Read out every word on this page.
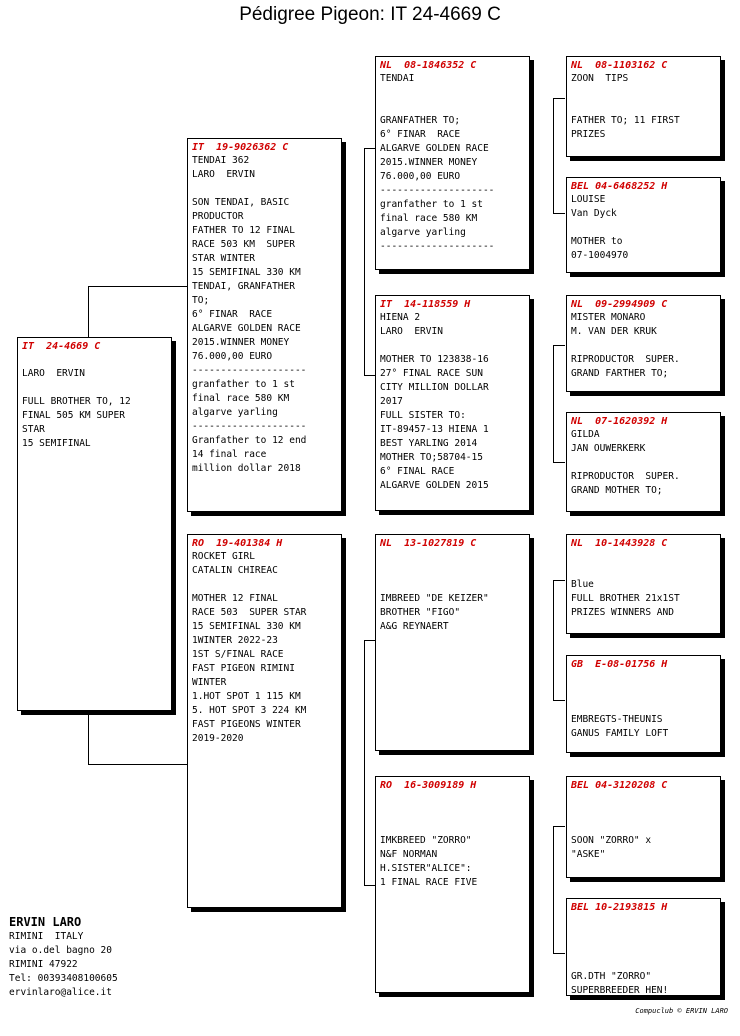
Pédigree Pigeon: IT 24-4669 C
IT  24-4669 C
LARO  ERVIN
FULL BROTHER TO, 12
FINAL 505 KM SUPER
STAR
15 SEMIFINAL
IT  19-9026362 C
TENDAI 362
LARO  ERVIN
SON TENDAI, BASIC
PRODUCTOR
FATHER TO 12 FINAL
RACE 503 KM  SUPER
STAR WINTER
15 SEMIFINAL 330 KM
TENDAI, GRANFATHER
TO;
6° FINAR  RACE
ALGARVE GOLDEN RACE
2015.WINNER MONEY
76.000,00 EURO
--------------------
granfather to 1 st
final race 580 KM
algarve yarling
--------------------
Granfather to 12 end
14 final race
million dollar 2018
RO  19-401384 H
ROCKET GIRL
CATALIN CHIREAC
MOTHER 12 FINAL
RACE 503  SUPER STAR
15 SEMIFINAL 330 KM
1WINTER 2022-23
1ST S/FINAL RACE
FAST PIGEON RIMINI
WINTER
1.HOT SPOT 1 115 KM
5. HOT SPOT 3 224 KM
FAST PIGEONS WINTER
2019-2020
NL  08-1846352 C
TENDAI
GRANFATHER TO;
6° FINAR  RACE
ALGARVE GOLDEN RACE
2015.WINNER MONEY
76.000,00 EURO
--------------------
granfather to 1 st
final race 580 KM
algarve yarling
--------------------
IT  14-118559 H
HIENA 2
LARO  ERVIN
MOTHER TO 123838-16
27° FINAL RACE SUN
CITY MILLION DOLLAR
2017
FULL SISTER TO:
IT-89457-13 HIENA 1
BEST YARLING 2014
MOTHER TO;58704-15
6° FINAL RACE
ALGARVE GOLDEN 2015
NL  13-1027819 C
IMBREED "DE KEIZER"
BROTHER "FIGO"
A&G REYNAERT
RO  16-3009189 H
IMKBREED "ZORRO"
N&F NORMAN
H.SISTER"ALICE":
1 FINAL RACE FIVE
NL  08-1103162 C
ZOON  TIPS
FATHER TO; 11 FIRST
PRIZES
BEL 04-6468252 H
LOUISE
Van Dyck
MOTHER to
07-1004970
NL  09-2994909 C
MISTER MONARO
M. VAN DER KRUK
RIPRODUCTOR  SUPER.
GRAND FARTHER TO;
NL  07-1620392 H
GILDA
JAN OUWERKERK
RIPRODUCTOR  SUPER.
GRAND MOTHER TO;
NL  10-1443928 C
Blue
FULL BROTHER 21x1ST
PRIZES WINNERS AND
GB  E-08-01756 H
EMBREGTS-THEUNIS
GANUS FAMILY LOFT
BEL 04-3120208 C
SOON "ZORRO" x
"ASKE"
BEL 10-2193815 H
GR.DTH "ZORRO"
SUPERBREEDER HEN!
ERVIN LARO
RIMINI  ITALY
via o.del bagno 20
RIMINI 47922
Tel: 00393408100605
ervinlaro@alice.it
Compuclub © ERVIN LARO
